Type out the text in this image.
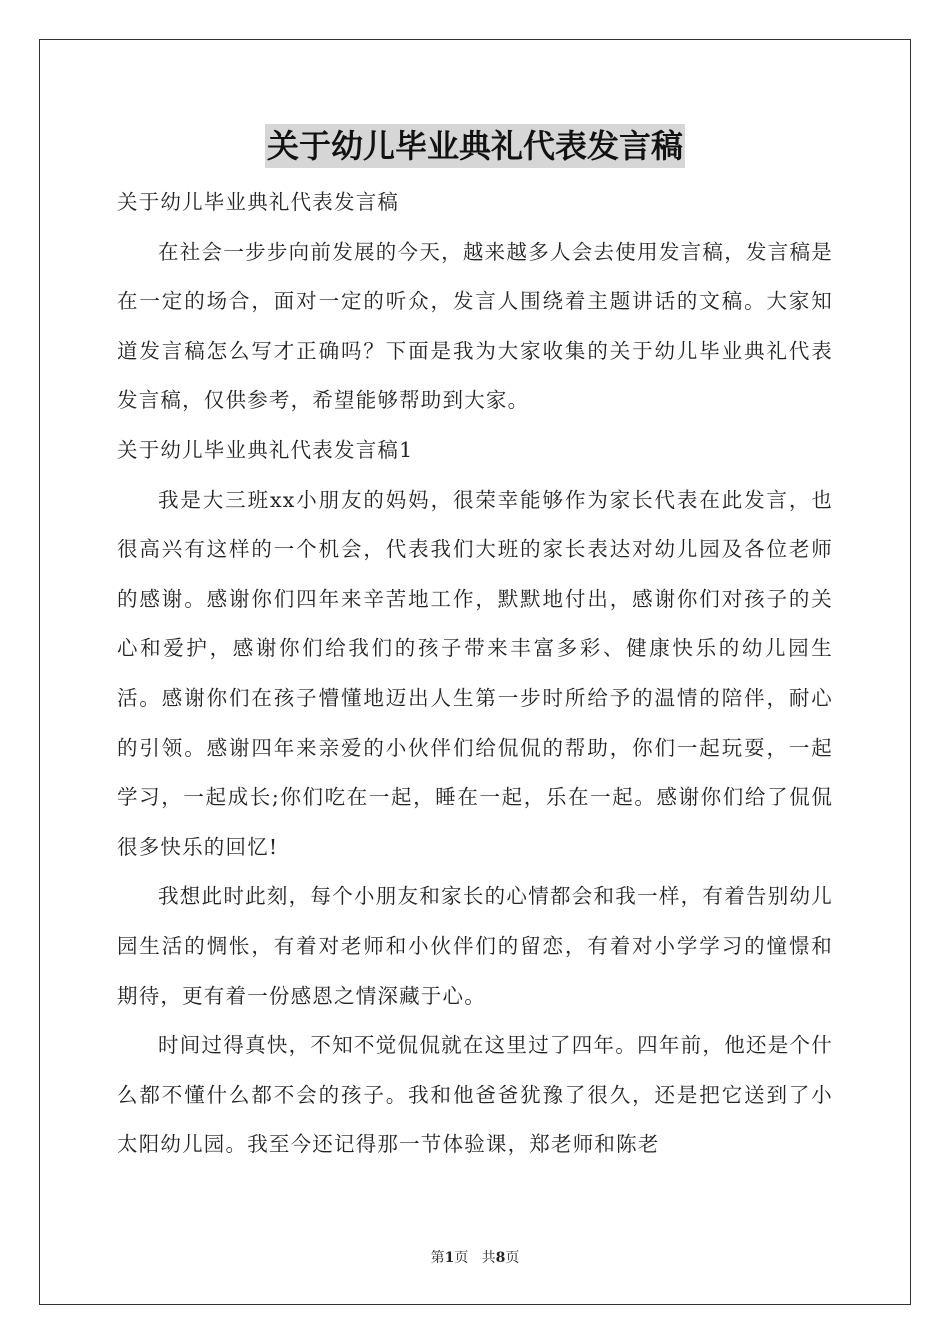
关于幼儿毕业典礼代表发言稿

关于幼儿毕业典礼代表发言稿

在社会一步步向前发展的今天，越来越多人会去使用发言稿，发言稿是在一定的场合，面对一定的听众，发言人围绕着主题讲话的文稿。大家知道发言稿怎么写才正确吗？下面是我为大家收集的关于幼儿毕业典礼代表发言稿，仅供参考，希望能够帮助到大家。

关于幼儿毕业典礼代表发言稿1

我是大三班xx小朋友的妈妈，很荣幸能够作为家长代表在此发言，也很高兴有这样的一个机会，代表我们大班的家长表达对幼儿园及各位老师的感谢。感谢你们四年来辛苦地工作，默默地付出，感谢你们对孩子的关心和爱护，感谢你们给我们的孩子带来丰富多彩、健康快乐的幼儿园生活。感谢你们在孩子懵懂地迈出人生第一步时所给予的温情的陪伴，耐心的引领。感谢四年来亲爱的小伙伴们给侃侃的帮助，你们一起玩耍，一起学习，一起成长;你们吃在一起，睡在一起，乐在一起。感谢你们给了侃侃很多快乐的回忆!

我想此时此刻，每个小朋友和家长的心情都会和我一样，有着告别幼儿园生活的惆怅，有着对老师和小伙伴们的留恋，有着对小学学习的憧憬和期待，更有着一份感恩之情深藏于心。

时间过得真快，不知不觉侃侃就在这里过了四年。四年前，他还是个什么都不懂什么都不会的孩子。我和他爸爸犹豫了很久，还是把它送到了小太阳幼儿园。我至今还记得那一节体验课，郑老师和陈老

第1页 共8页
